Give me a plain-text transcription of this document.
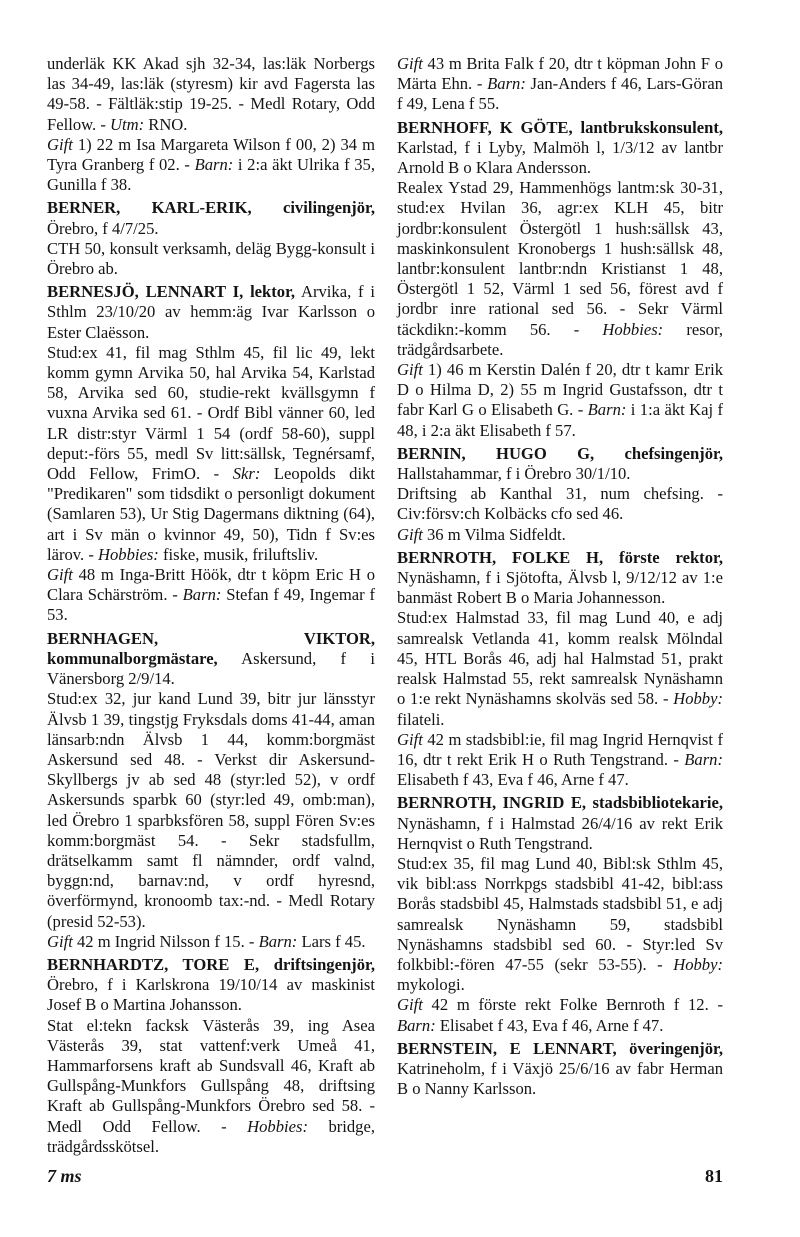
underläk KK Akad sjh 32-34, las:läk Norbergs las 34-49, las:läk (styresm) kir avd Fagersta las 49-58. - Fältläk:stip 19-25. - Medl Rotary, Odd Fellow. - Utm: RNO.

Gift 1) 22 m Isa Margareta Wilson f 00, 2) 34 m Tyra Granberg f 02. - Barn: i 2:a äkt Ulrika f 35, Gunilla f 38.

BERNER, KARL-ERIK, civilingenjör, Örebro, f 4/7/25.

CTH 50, konsult verksamh, deläg Bygg-konsult i Örebro ab.

BERNESJÖ, LENNART I, lektor, Arvika, f i Sthlm 23/10/20 av hemm:äg Ivar Karlsson o Ester Claësson.

Stud:ex 41, fil mag Sthlm 45, fil lic 49, lekt komm gymn Arvika 50, hal Arvika 54, Karlstad 58, Arvika sed 60, studie-rekt kvällsgymn f vuxna Arvika sed 61. - Ordf Bibl vänner 60, led LR distr:styr Värml 1 54 (ordf 58-60), suppl deput:-förs 55, medl Sv litt:sällsk, Tegnérsamf, Odd Fellow, FrimO. - Skr: Leopolds dikt "Predikaren" som tidsdikt o personligt dokument (Samlaren 53), Ur Stig Dagermans diktning (64), art i Sv män o kvinnor 49, 50), Tidn f Sv:es lärov. - Hobbies: fiske, musik, friluftsliv.

Gift 48 m Inga-Britt Höök, dtr t köpm Eric H o Clara Schärström. - Barn: Stefan f 49, Ingemar f 53.

BERNHAGEN, VIKTOR, kommunalborgmästare, Askersund, f i Vänersborg 2/9/14.

Stud:ex 32, jur kand Lund 39, bitr jur länsstyr Älvsb 1 39, tingstjg Fryksdals doms 41-44, aman länsarb:ndn Älvsb 1 44, komm:borgmäst Askersund sed 48. - Verkst dir Askersund-Skyllbergs jv ab sed 48 (styr:led 52), v ordf Askersunds sparbk 60 (styr:led 49, omb:man), led Örebro 1 sparbksfören 58, suppl Fören Sv:es komm:borgmäst 54. - Sekr stadsfullm, drätselkamm samt fl nämnder, ordf valnd, byggn:nd, barnav:nd, v ordf hyresnd, överförmynd, kronoomb tax:-nd. - Medl Rotary (presid 52-53).

Gift 42 m Ingrid Nilsson f 15. - Barn: Lars f 45.

BERNHARDTZ, TORE E, driftsingenjör, Örebro, f i Karlskrona 19/10/14 av maskinist Josef B o Martina Johansson.

Stat el:tekn facksk Västerås 39, ing Asea Västerås 39, stat vattenf:verk Umeå 41, Hammarforsens kraft ab Sundsvall 46, Kraft ab Gullspång-Munkfors Gullspång 48, driftsing Kraft ab Gullspång-Munkfors Örebro sed 58. - Medl Odd Fellow. - Hobbies: bridge, trädgårdsskötsel.

Gift 43 m Brita Falk f 20, dtr t köpman John F o Märta Ehn. - Barn: Jan-Anders f 46, Lars-Göran f 49, Lena f 55.

BERNHOFF, K GÖTE, lantbrukskonsulent, Karlstad, f i Lyby, Malmöh l, 1/3/12 av lantbr Arnold B o Klara Andersson.

Realex Ystad 29, Hammenhögs lantm:sk 30-31, stud:ex Hvilan 36, agr:ex KLH 45, bitr jordbr:konsulent Östergötl 1 hush:sällsk 43, maskinkonsulent Kronobergs 1 hush:sällsk 48, lantbr:konsulent lantbr:ndn Kristianst 1 48, Östergötl 1 52, Värml 1 sed 56, förest avd f jordbr inre rational sed 56. - Sekr Värml täckdikn:-komm 56. - Hobbies: resor, trädgårdsarbete.

Gift 1) 46 m Kerstin Dalén f 20, dtr t kamr Erik D o Hilma D, 2) 55 m Ingrid Gustafsson, dtr t fabr Karl G o Elisabeth G. - Barn: i 1:a äkt Kaj f 48, i 2:a äkt Elisabeth f 57.

BERNIN, HUGO G, chefsingenjör, Hallstahammar, f i Örebro 30/1/10.

Driftsing ab Kanthal 31, num chefsing. - Civ:försv:ch Kolbäcks cfo sed 46.

Gift 36 m Vilma Sidfeldt.

BERNROTH, FOLKE H, förste rektor, Nynäshamn, f i Sjötofta, Älvsb l, 9/12/12 av 1:e banmäst Robert B o Maria Johannesson.

Stud:ex Halmstad 33, fil mag Lund 40, e adj samrealsk Vetlanda 41, komm realsk Mölndal 45, HTL Borås 46, adj hal Halmstad 51, prakt realsk Halmstad 55, rekt samrealsk Nynäshamn o 1:e rekt Nynäshamns skolväs sed 58. - Hobby: filateli.

Gift 42 m stadsbibl:ie, fil mag Ingrid Hernqvist f 16, dtr t rekt Erik H o Ruth Tengstrand. - Barn: Elisabeth f 43, Eva f 46, Arne f 47.

BERNROTH, INGRID E, stadsbibliotekarie, Nynäshamn, f i Halmstad 26/4/16 av rekt Erik Hernqvist o Ruth Tengstrand.

Stud:ex 35, fil mag Lund 40, Bibl:sk Sthlm 45, vik bibl:ass Norrkpgs stadsbibl 41-42, bibl:ass Borås stadsbibl 45, Halmstads stadsbibl 51, e adj samrealsk Nynäshamn 59, stadsbibl Nynäshamns stadsbibl sed 60. - Styr:led Sv folkbibl:-fören 47-55 (sekr 53-55). - Hobby: mykologi.

Gift 42 m förste rekt Folke Bernroth f 12. - Barn: Elisabet f 43, Eva f 46, Arne f 47.

BERNSTEIN, E LENNART, överingenjör, Katrineholm, f i Växjö 25/6/16 av fabr Herman B o Nanny Karlsson.

7 ms	81
